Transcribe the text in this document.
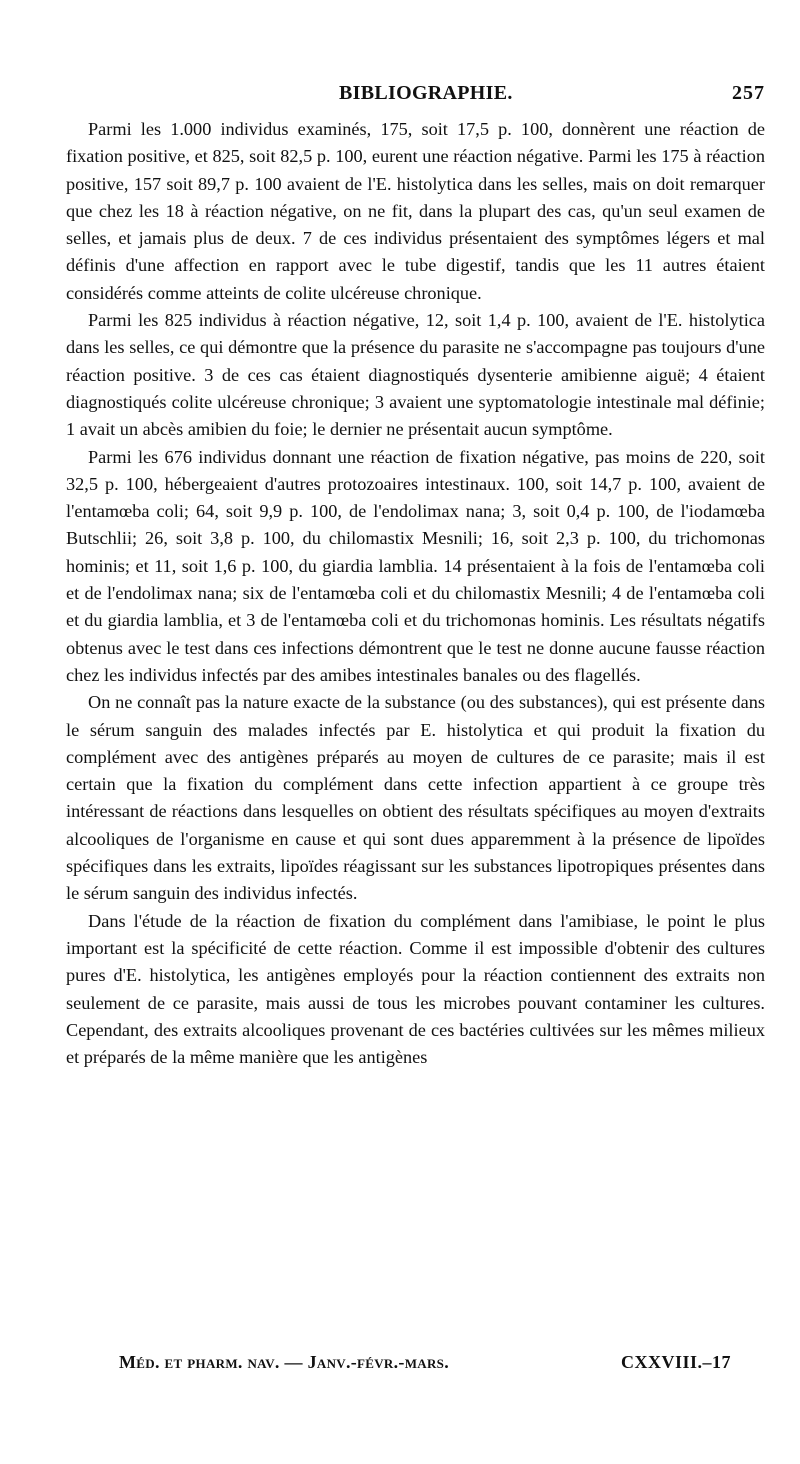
BIBLIOGRAPHIE.	257

Parmi les 1.000 individus examinés, 175, soit 17,5 p. 100, donnèrent une réaction de fixation positive, et 825, soit 82,5 p. 100, eurent une réaction négative. Parmi les 175 à réaction positive, 157 soit 89,7 p. 100 avaient de l'E. histolytica dans les selles, mais on doit remarquer que chez les 18 à réaction négative, on ne fit, dans la plupart des cas, qu'un seul examen de selles, et jamais plus de deux. 7 de ces individus présentaient des symptômes légers et mal définis d'une affection en rapport avec le tube digestif, tandis que les 11 autres étaient considérés comme atteints de colite ulcéreuse chronique.

Parmi les 825 individus à réaction négative, 12, soit 1,4 p. 100, avaient de l'E. histolytica dans les selles, ce qui démontre que la présence du parasite ne s'accompagne pas toujours d'une réaction positive. 3 de ces cas étaient diagnostiqués dysenterie amibienne aiguë; 4 étaient diagnostiqués colite ulcéreuse chronique; 3 avaient une syptomatologie intestinale mal définie; 1 avait un abcès amibien du foie; le dernier ne présentait aucun symptôme.

Parmi les 676 individus donnant une réaction de fixation négative, pas moins de 220, soit 32,5 p. 100, hébergeaient d'autres protozoaires intestinaux. 100, soit 14,7 p. 100, avaient de l'entamœba coli; 64, soit 9,9 p. 100, de l'endolimax nana; 3, soit 0,4 p. 100, de l'iodamœba Butschlii; 26, soit 3,8 p. 100, du chilomastix Mesnili; 16, soit 2,3 p. 100, du trichomonas hominis; et 11, soit 1,6 p. 100, du giardia lamblia. 14 présentaient à la fois de l'entamœba coli et de l'endolimax nana; six de l'entamœba coli et du chilomastix Mesnili; 4 de l'entamœba coli et du giardia lamblia, et 3 de l'entamœba coli et du trichomonas hominis. Les résultats négatifs obtenus avec le test dans ces infections démontrent que le test ne donne aucune fausse réaction chez les individus infectés par des amibes intestinales banales ou des flagellés.

On ne connaît pas la nature exacte de la substance (ou des substances), qui est présente dans le sérum sanguin des malades infectés par E. histolytica et qui produit la fixation du complément avec des antigènes préparés au moyen de cultures de ce parasite; mais il est certain que la fixation du complément dans cette infection appartient à ce groupe très intéressant de réactions dans lesquelles on obtient des résultats spécifiques au moyen d'extraits alcooliques de l'organisme en cause et qui sont dues apparemment à la présence de lipoïdes spécifiques dans les extraits, lipoïdes réagissant sur les substances lipotropiques présentes dans le sérum sanguin des individus infectés.

Dans l'étude de la réaction de fixation du complément dans l'amibiase, le point le plus important est la spécificité de cette réaction. Comme il est impossible d'obtenir des cultures pures d'E. histolytica, les antigènes employés pour la réaction contiennent des extraits non seulement de ce parasite, mais aussi de tous les microbes pouvant contaminer les cultures. Cependant, des extraits alcooliques provenant de ces bactéries cultivées sur les mêmes milieux et préparés de la même manière que les antigènes

Méd. et pharm. nav. — Janv.-févr.-mars.	CXXVIII.–17
